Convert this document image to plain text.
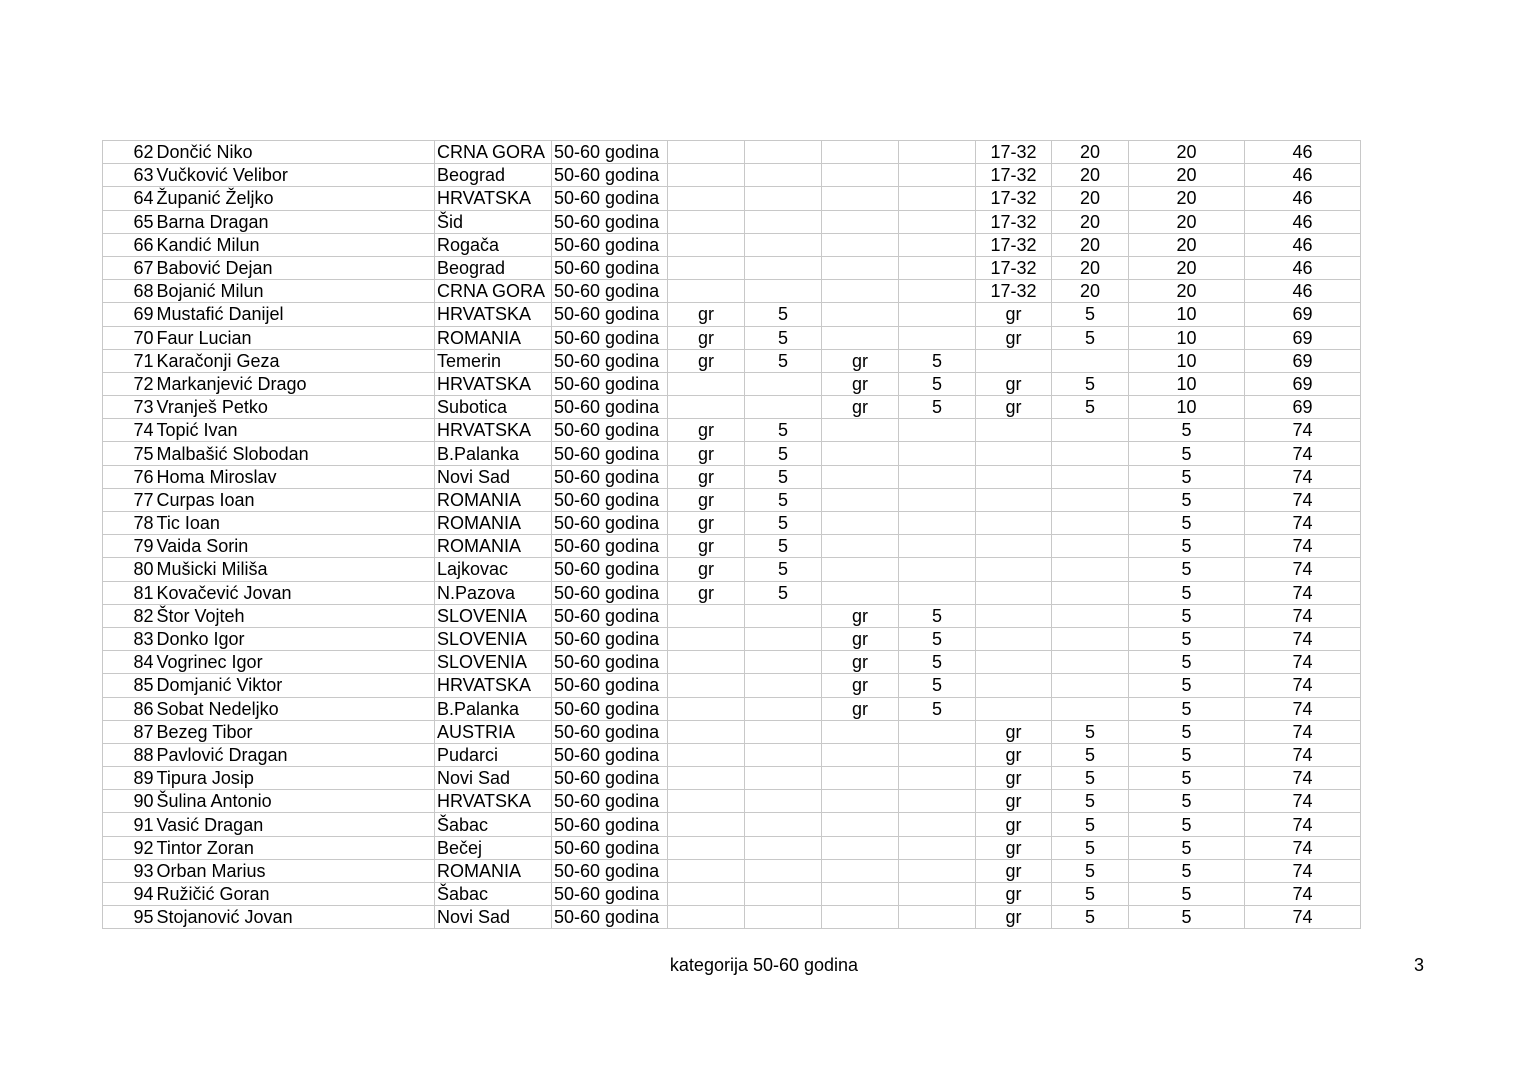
62	Dončić Niko	CRNA GORA	50-60 godina					17-32	20	20	46
63	Vučković Velibor	Beograd	50-60 godina					17-32	20	20	46
64	Županić Željko	HRVATSKA	50-60 godina					17-32	20	20	46
65	Barna Dragan	Šid	50-60 godina					17-32	20	20	46
66	Kandić Milun	Rogača	50-60 godina					17-32	20	20	46
67	Babović Dejan	Beograd	50-60 godina					17-32	20	20	46
68	Bojanić Milun	CRNA GORA	50-60 godina					17-32	20	20	46
69	Mustafić Danijel	HRVATSKA	50-60 godina	gr	5			gr	5	10	69
70	Faur Lucian	ROMANIA	50-60 godina	gr	5			gr	5	10	69
71	Karačonji Geza	Temerin	50-60 godina	gr	5	gr	5			10	69
72	Markanjević Drago	HRVATSKA	50-60 godina			gr	5	gr	5	10	69
73	Vranješ Petko	Subotica	50-60 godina			gr	5	gr	5	10	69
74	Topić Ivan	HRVATSKA	50-60 godina	gr	5					5	74
75	Malbašić Slobodan	B.Palanka	50-60 godina	gr	5					5	74
76	Homa Miroslav	Novi Sad	50-60 godina	gr	5					5	74
77	Curpas Ioan	ROMANIA	50-60 godina	gr	5					5	74
78	Tic Ioan	ROMANIA	50-60 godina	gr	5					5	74
79	Vaida Sorin	ROMANIA	50-60 godina	gr	5					5	74
80	Mušicki Miliša	Lajkovac	50-60 godina	gr	5					5	74
81	Kovačević Jovan	N.Pazova	50-60 godina	gr	5					5	74
82	Štor Vojteh	SLOVENIA	50-60 godina			gr	5			5	74
83	Donko Igor	SLOVENIA	50-60 godina			gr	5			5	74
84	Vogrinec Igor	SLOVENIA	50-60 godina			gr	5			5	74
85	Domjanić Viktor	HRVATSKA	50-60 godina			gr	5			5	74
86	Sobat Nedeljko	B.Palanka	50-60 godina			gr	5			5	74
87	Bezeg Tibor	AUSTRIA	50-60 godina					gr	5	5	74
88	Pavlović Dragan	Pudarci	50-60 godina					gr	5	5	74
89	Tipura Josip	Novi Sad	50-60 godina					gr	5	5	74
90	Šulina Antonio	HRVATSKA	50-60 godina					gr	5	5	74
91	Vasić Dragan	Šabac	50-60 godina					gr	5	5	74
92	Tintor Zoran	Bečej	50-60 godina					gr	5	5	74
93	Orban Marius	ROMANIA	50-60 godina					gr	5	5	74
94	Ružičić Goran	Šabac	50-60 godina					gr	5	5	74
95	Stojanović Jovan	Novi Sad	50-60 godina					gr	5	5	74
kategorija 50-60 godina	3
